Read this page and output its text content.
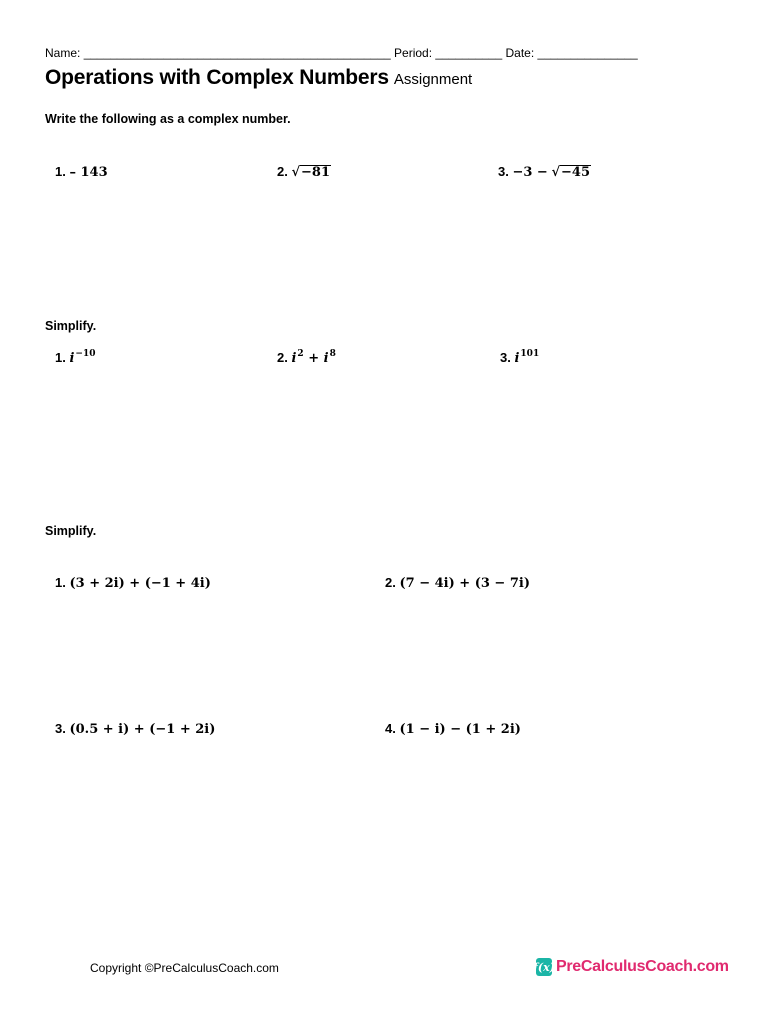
Name: ______________________________________________ Period: __________ Date: _______________
Operations with Complex Numbers Assignment
Write the following as a complex number.
1. – 143	2. √−81	3. −3 − √−45
Simplify.
1. $i^{-10}$	2. $i^2 + i^8$	3. $i^{101}$
Simplify.
1. (3 + 2i) + (−1 + 4i)	2. (7 − 4i) + (3 − 7i)
3. (0.5 + i) + (−1 + 2i)	4. (1 − i) − (1 + 2i)
Copyright ©PreCalculusCoach.com	f(x) PreCalculusCoach.com
